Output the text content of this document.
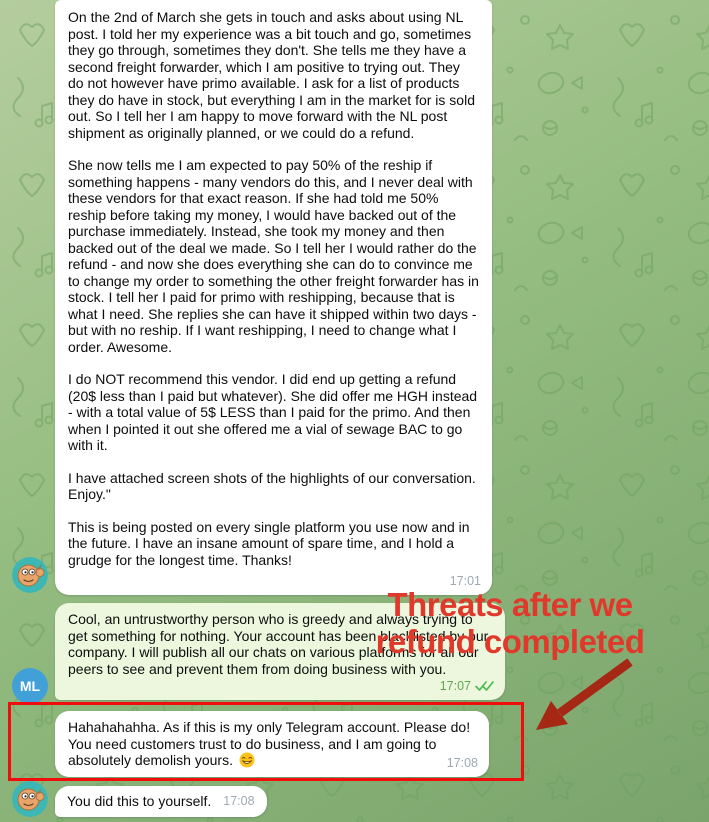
On the 2nd of March she gets in touch and asks about using NL post. I told her my experience was a bit touch and go, sometimes they go through, sometimes they don't. She tells me they have a second freight forwarder, which I am positive to trying out. They do not however have primo available. I ask for a list of products they do have in stock, but everything I am in the market for is sold out. So I tell her I am happy to move forward with the NL post shipment as originally planned, or we could do a refund.

She now tells me I am expected to pay 50% of the reship if something happens - many vendors do this, and I never deal with these vendors for that exact reason. If she had told me 50% reship before taking my money, I would have backed out of the purchase immediately. Instead, she took my money and then backed out of the deal we made. So I tell her I would rather do the refund - and now she does everything she can do to convince me to change my order to something the other freight forwarder has in stock. I tell her I paid for primo with reshipping, because that is what I need. She replies she can have it shipped within two days - but with no reship. If I want reshipping, I need to change what I order. Awesome.

I do NOT recommend this vendor. I did end up getting a refund (20$ less than I paid but whatever). She did offer me HGH instead - with a total value of 5$ LESS than I paid for the primo. And then when I pointed it out she offered me a vial of sewage BAC to go with it.

I have attached screen shots of the highlights of our conversation. Enjoy."

This is being posted on every single platform you use now and in the future. I have an insane amount of spare time, and I hold a grudge for the longest time. Thanks!

17:01

Cool, an untrustworthy person who is greedy and always trying to get something for nothing. Your account has been blacklisted by our company. I will publish all our chats on various platforms for all our peers to see and prevent them from doing business with you.

17:07
ML

Hahahahahha. As if this is my only Telegram account. Please do! You need customers trust to do business, and I am going to absolutely demolish yours.

	17:08
You did this to yourself. 17:08
Threats after we
refund completed
